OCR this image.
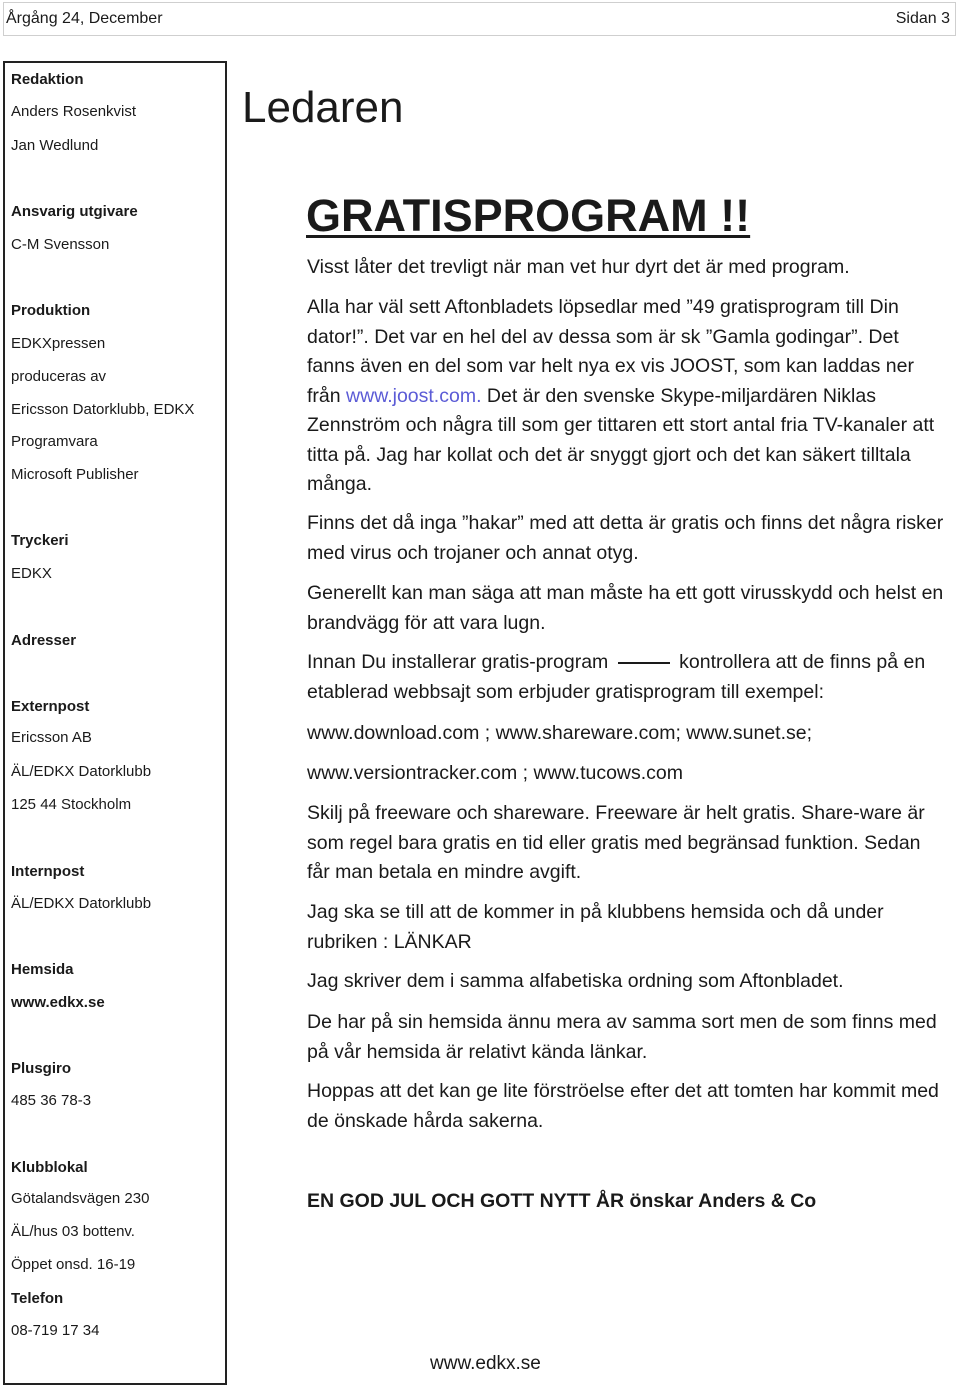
Årgång 24, December	Sidan 3
Redaktion
Anders Rosenkvist
Jan Wedlund
Ansvarig utgivare
C-M Svensson
Produktion
EDKXpressen
produceras av
Ericsson Datorklubb, EDKX
Programvara
Microsoft Publisher
Tryckeri
EDKX
Adresser
Externpost
Ericsson AB
ÄL/EDKX Datorklubb
125 44 Stockholm
Internpost
ÄL/EDKX Datorklubb
Hemsida
www.edkx.se
Plusgiro
485 36 78-3
Klubblokal
Götalandsvägen 230
ÄL/hus 03 bottenv.
Öppet onsd. 16-19
Telefon
08-719 17 34
Ledaren
GRATISPROGRAM !!

Visst låter det trevligt när man vet hur dyrt det är med program.

Alla har väl sett Aftonbladets löpsedlar med ”49 gratisprogram till Din dator!”. Det var en hel del av dessa som är sk ”Gamla godingar”. Det fanns även en del som var helt nya ex vis JOOST, som kan laddas ner från www.joost.com. Det är den svenske Skype-miljardären Niklas Zennström och några till som ger tittaren ett stort antal fria TV-kanaler att titta på. Jag har kollat och det är snyggt gjort och det kan säkert tilltala många.

Finns det då inga ”hakar” med att detta är gratis och finns det några risker med virus och trojaner och annat otyg.

Generellt kan man säga att man måste ha ett gott virusskydd och helst en brandvägg för att vara lugn.

Innan Du installerar gratis-program	kontrollera att de finns på en etablerad webbsajt som erbjuder gratisprogram till exempel:

www.download.com ; www.shareware.com; www.sunet.se;

www.versiontracker.com ; www.tucows.com

Skilj på freeware och shareware. Freeware är helt gratis. Share-ware är som regel bara gratis en tid eller gratis med begränsad funktion. Sedan får man betala en mindre avgift.

Jag ska se till att de kommer in på klubbens hemsida och då under rubriken : LÄNKAR

Jag skriver dem i samma alfabetiska ordning som Aftonbladet.

De har på sin hemsida ännu mera av samma sort men de som finns med på vår hemsida är relativt kända länkar.

Hoppas att det kan ge lite förströelse efter det att tomten har kommit med de önskade hårda sakerna.

EN GOD JUL OCH GOTT NYTT ÅR önskar Anders & Co

www.edkx.se
